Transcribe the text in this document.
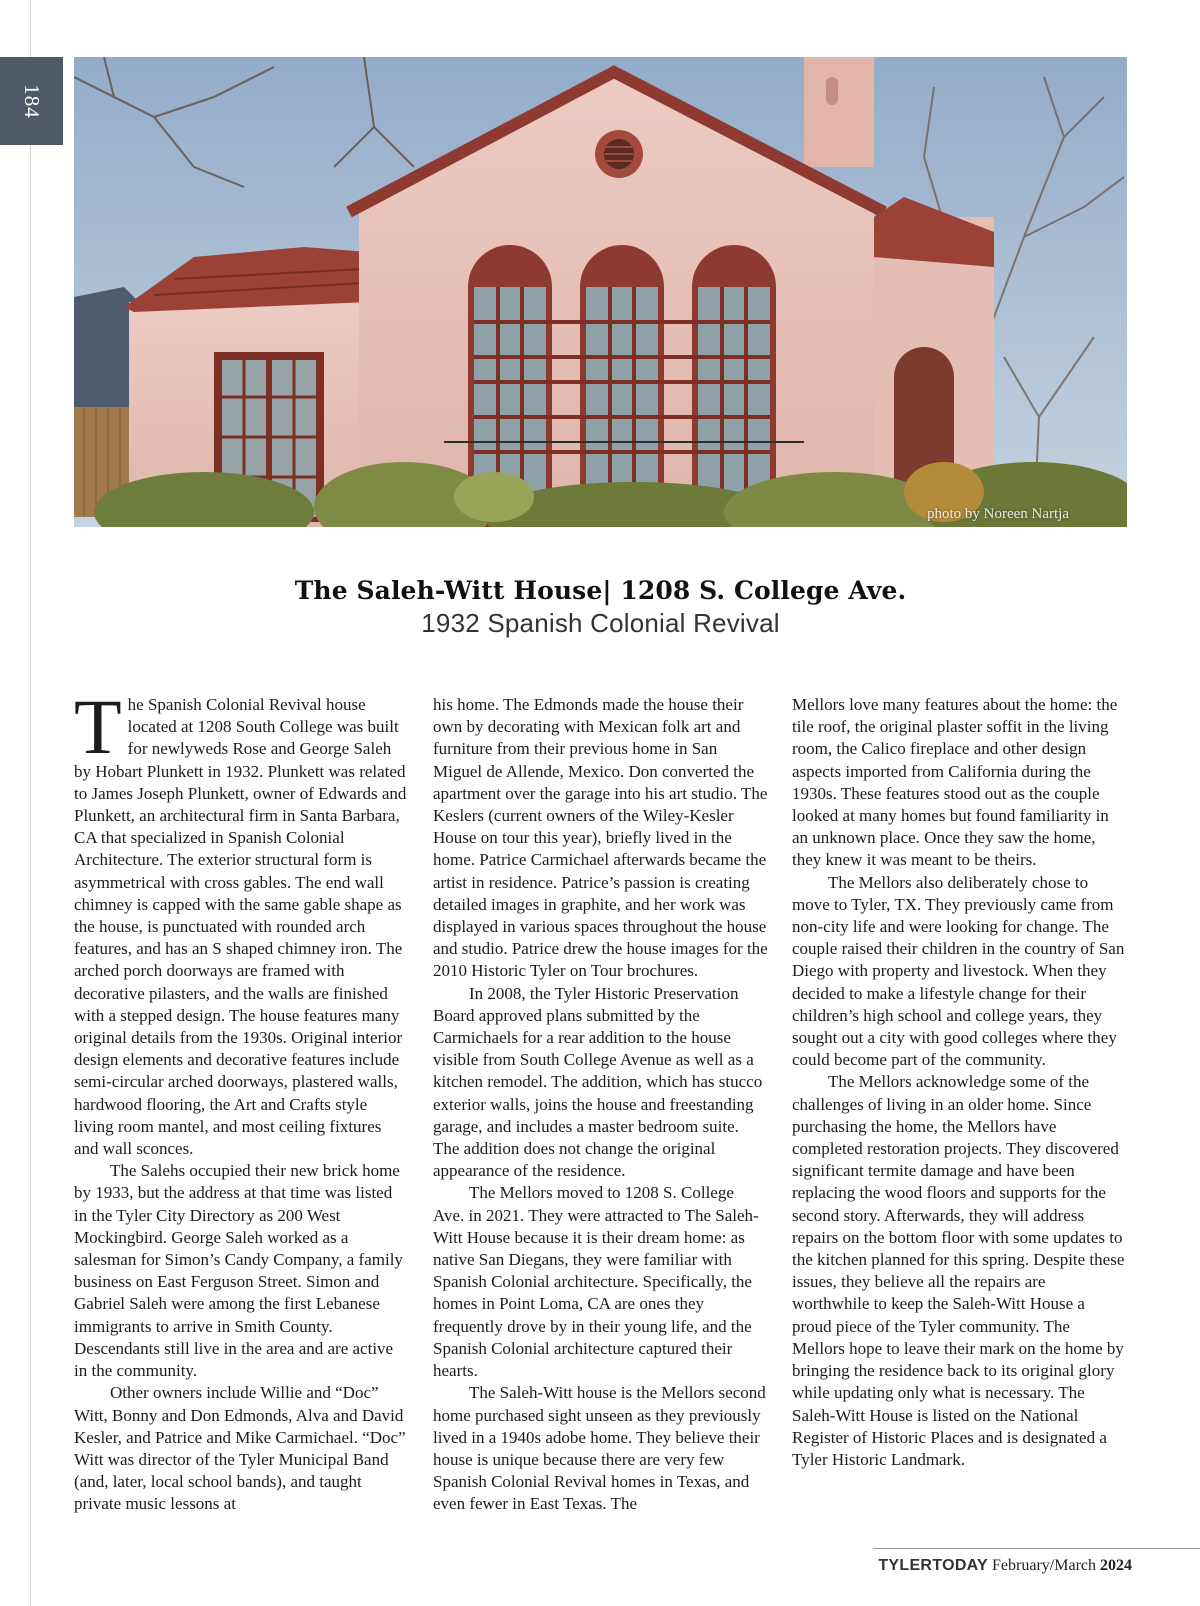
184
photo by Noreen Nartja
The Saleh-Witt House| 1208 S. College Ave.
1932 Spanish Colonial Revival

The Spanish Colonial Revival house located at 1208 South College was built for newlyweds Rose and George Saleh by Hobart Plunkett in 1932. Plunkett was related to James Joseph Plunkett, owner of Edwards and Plunkett, an architectural firm in Santa Barbara, CA that specialized in Spanish Colonial Architecture. The exterior structural form is asymmetrical with cross gables. The end wall chimney is capped with the same gable shape as the house, is punctuated with rounded arch features, and has an S shaped chimney iron. The arched porch doorways are framed with decorative pilasters, and the walls are finished with a stepped design. The house features many original details from the 1930s. Original interior design elements and decorative features include semi-circular arched doorways, plastered walls, hardwood flooring, the Art and Crafts style living room mantel, and most ceiling fixtures and wall sconces.

The Salehs occupied their new brick home by 1933, but the address at that time was listed in the Tyler City Directory as 200 West Mockingbird. George Saleh worked as a salesman for Simon’s Candy Company, a family business on East Ferguson Street. Simon and Gabriel Saleh were among the first Lebanese immigrants to arrive in Smith County. Descendants still live in the area and are active in the community.

Other owners include Willie and “Doc” Witt, Bonny and Don Edmonds, Alva and David Kesler, and Patrice and Mike Carmichael. “Doc” Witt was director of the Tyler Municipal Band (and, later, local school bands), and taught private music lessons at

his home. The Edmonds made the house their own by decorating with Mexican folk art and furniture from their previous home in San Miguel de Allende, Mexico. Don converted the apartment over the garage into his art studio. The Keslers (current owners of the Wiley-Kesler House on tour this year), briefly lived in the home. Patrice Carmichael afterwards became the artist in residence. Patrice’s passion is creating detailed images in graphite, and her work was displayed in various spaces throughout the house and studio. Patrice drew the house images for the 2010 Historic Tyler on Tour brochures.

In 2008, the Tyler Historic Preservation Board approved plans submitted by the Carmichaels for a rear addition to the house visible from South College Avenue as well as a kitchen remodel. The addition, which has stucco exterior walls, joins the house and freestanding garage, and includes a master bedroom suite. The addition does not change the original appearance of the residence.

The Mellors moved to 1208 S. College Ave. in 2021. They were attracted to The Saleh-Witt House because it is their dream home: as native San Diegans, they were familiar with Spanish Colonial architecture. Specifically, the homes in Point Loma, CA are ones they frequently drove by in their young life, and the Spanish Colonial architecture captured their hearts.

The Saleh-Witt house is the Mellors second home purchased sight unseen as they previously lived in a 1940s adobe home. They believe their house is unique because there are very few Spanish Colonial Revival homes in Texas, and even fewer in East Texas. The

Mellors love many features about the home: the tile roof, the original plaster soffit in the living room, the Calico fireplace and other design aspects imported from California during the 1930s. These features stood out as the couple looked at many homes but found familiarity in an unknown place. Once they saw the home, they knew it was meant to be theirs.

The Mellors also deliberately chose to move to Tyler, TX. They previously came from non-city life and were looking for change. The couple raised their children in the country of San Diego with property and livestock. When they decided to make a lifestyle change for their children’s high school and college years, they sought out a city with good colleges where they could become part of the community.

The Mellors acknowledge some of the challenges of living in an older home. Since purchasing the home, the Mellors have completed restoration projects. They discovered significant termite damage and have been replacing the wood floors and supports for the second story. Afterwards, they will address repairs on the bottom floor with some updates to the kitchen planned for this spring. Despite these issues, they believe all the repairs are worthwhile to keep the Saleh-Witt House a proud piece of the Tyler community. The Mellors hope to leave their mark on the home by bringing the residence back to its original glory while updating only what is necessary. The Saleh-Witt House is listed on the National Register of Historic Places and is designated a Tyler Historic Landmark.

TYLERTODAY February/March 2024
